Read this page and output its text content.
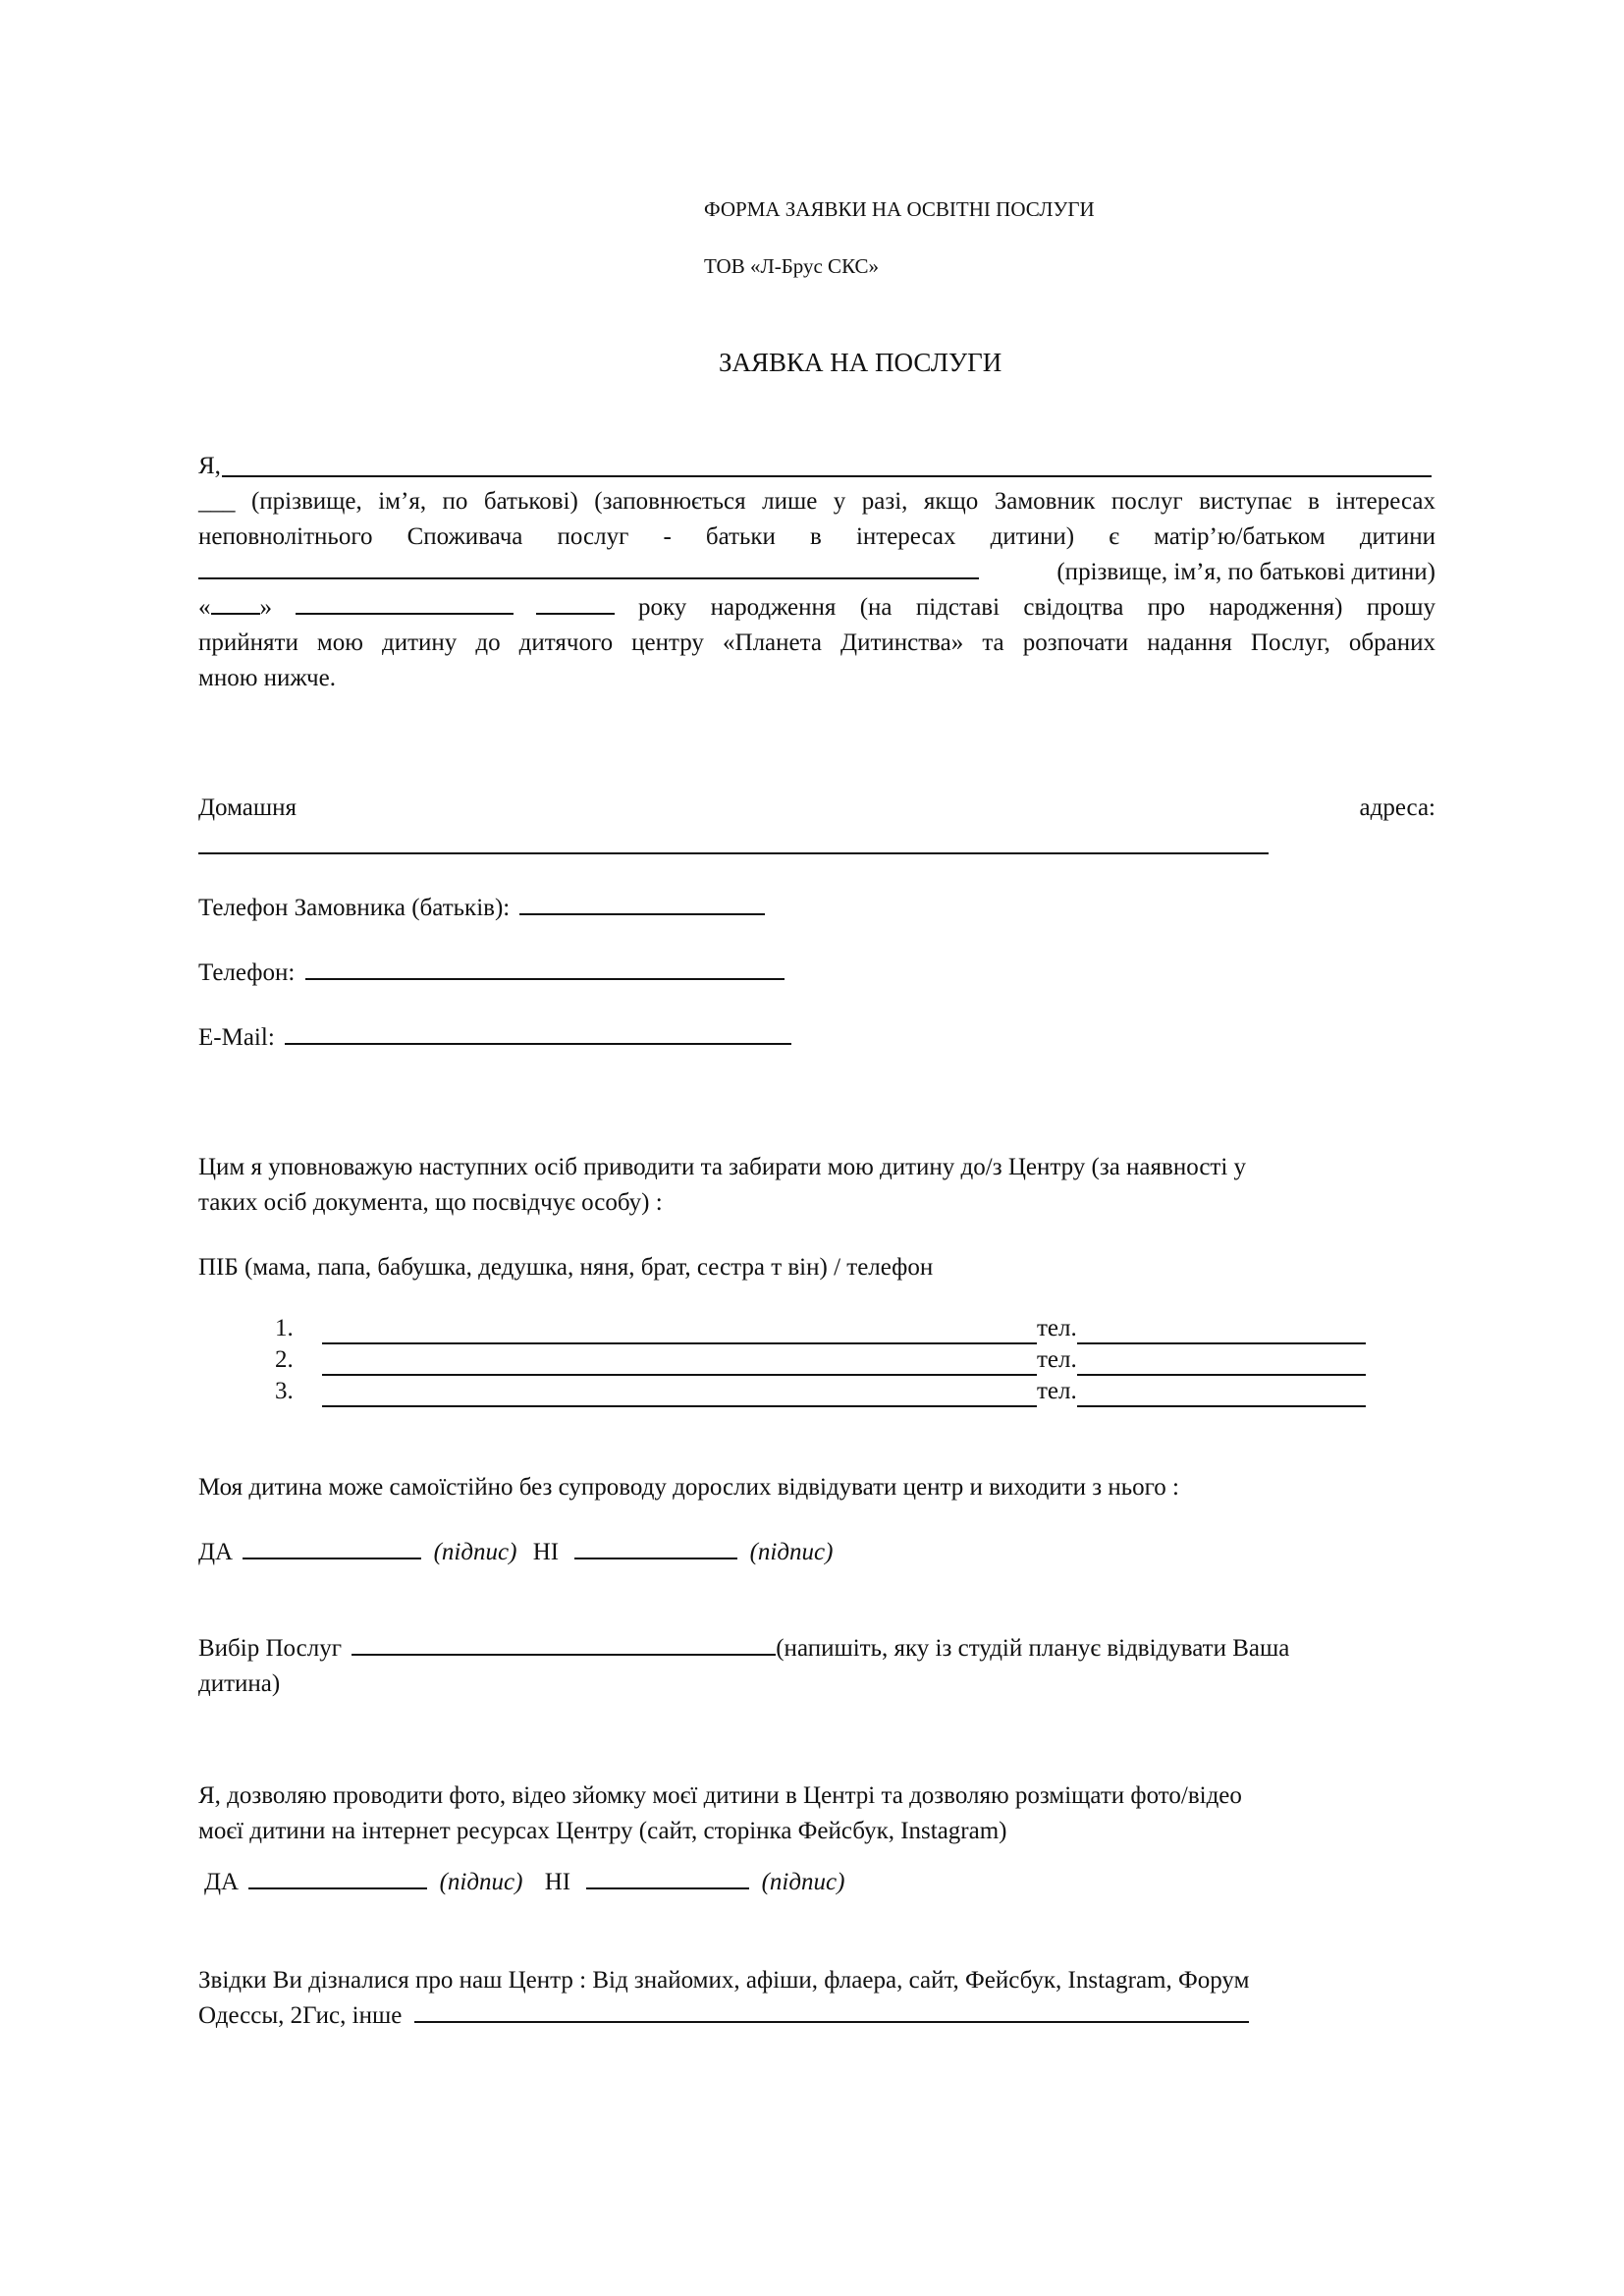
ФОРМА ЗАЯВКИ НА ОСВІТНІ ПОСЛУГИ
ТОВ «Л-Брус СКС»
ЗАЯВКА НА ПОСЛУГИ
Я,
___ (прізвище, ім’я, по батькові) (заповнюється лише у разі, якщо Замовник послуг виступає в інтересах
неповнолітнього Споживача послуг - батьки в інтересах дитини) є матір’ю/батьком дитини
(прізвище, ім’я, по батькові дитини)
« »	року народження (на підставі свідоцтва про народження) прошу
прийняти мою дитину до дитячого центру «Планета Дитинства» та розпочати надання Послуг, обраних
мною нижче.
Домашня	адреса:
Телефон Замовника (батьків):
Телефон:
E-Mail:
Цим я уповноважую наступних осіб приводити та забирати мою дитину до/з Центру (за наявності у
таких осіб документа, що посвідчує особу) :
ПІБ (мама, папа, бабушка, дедушка, няня, брат, сестра т він) / телефон
1.	тел.
2.	тел.
3.	тел.
Моя дитина може самоїстійно без супроводу дорослих відвідувати центр и виходити з нього :
ДА	(підпис) НІ	(підпис)
Вибір Послуг	(напишіть, яку із студій планує відвідувати Ваша
дитина)
Я, дозволяю проводити фото, відео зйомку моєї дитини в Центрі та дозволяю розміщати фото/відео
моєї дитини на інтернет ресурсах Центру (сайт, сторінка Фейсбук, Instagram)
ДА	(підпис) НІ	(підпис)
Звідки Ви дізналися про наш Центр : Від знайомих, афіши, флаера, сайт, Фейсбук, Instagram, Форум
Одессы, 2Гис, інше
